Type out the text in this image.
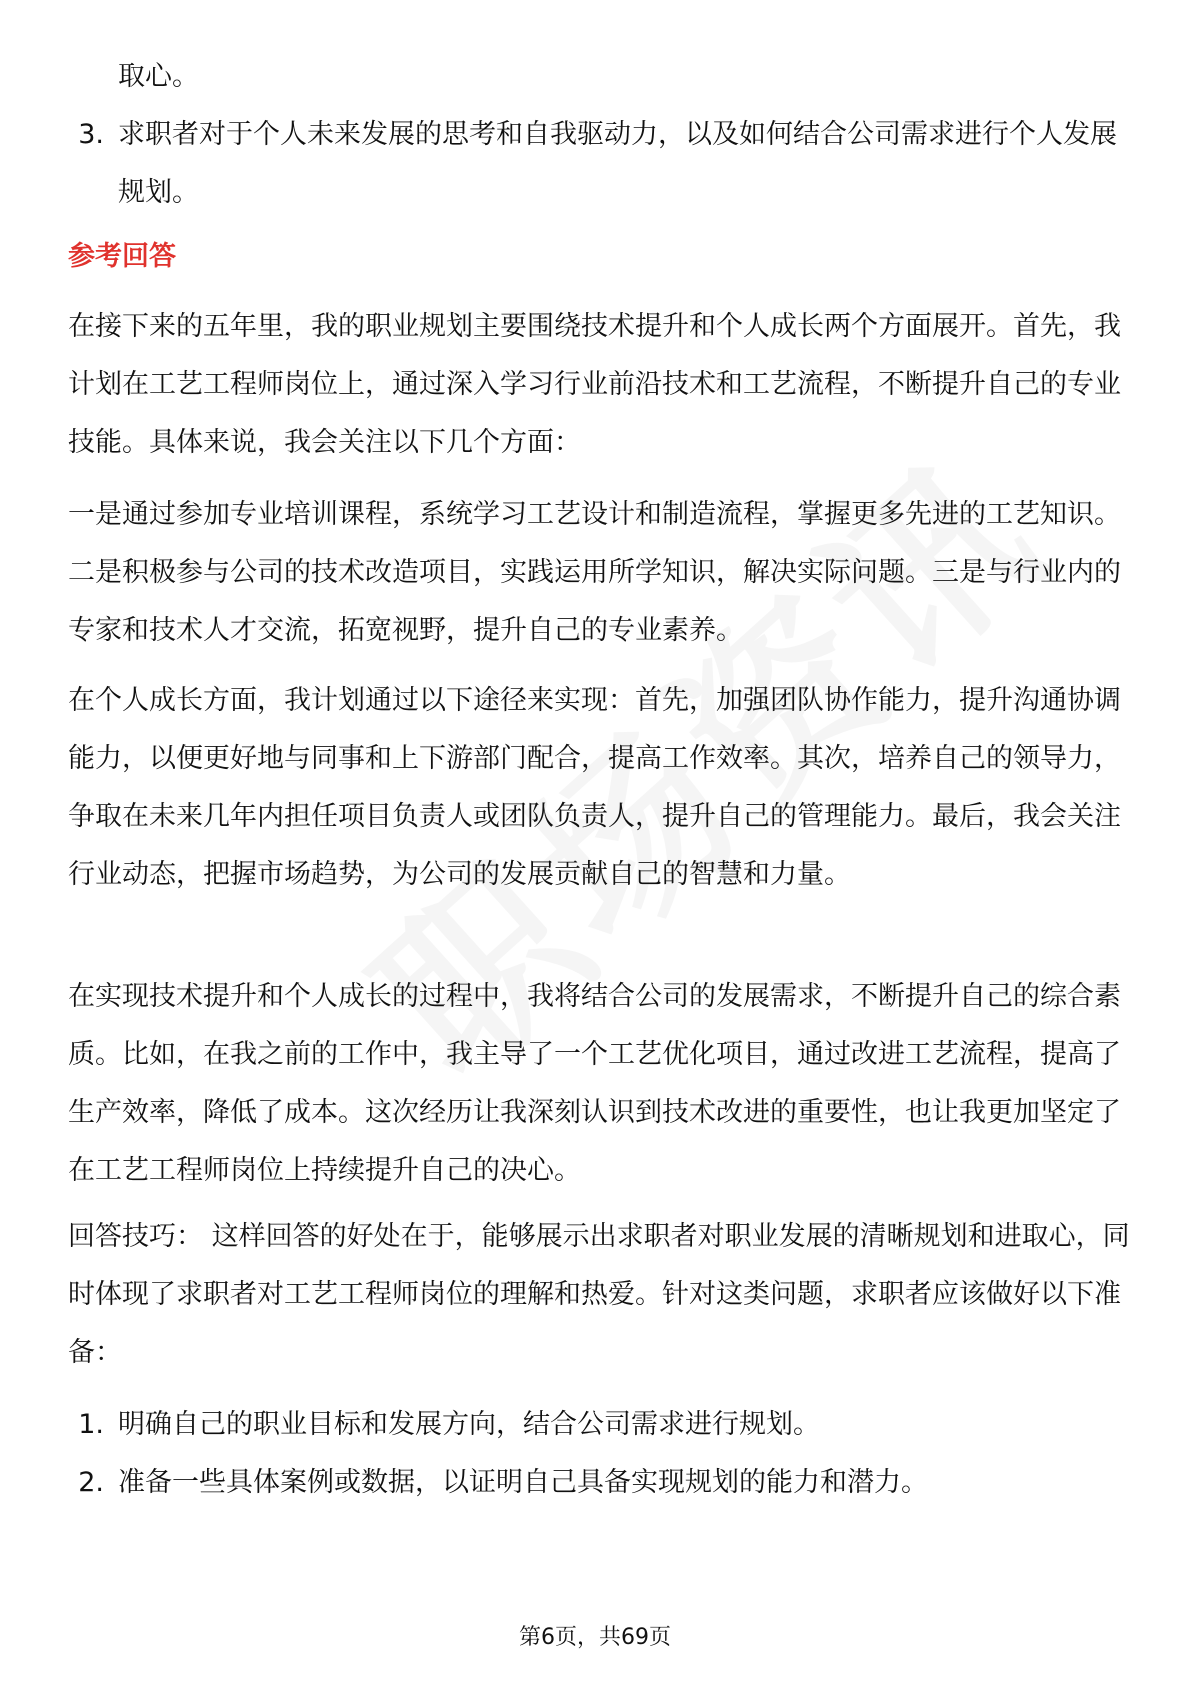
取心。
3. 求职者对于个人未来发展的思考和自我驱动力，以及如何结合公司需求进行个人发展规划。

参考回答

在接下来的五年里，我的职业规划主要围绕技术提升和个人成长两个方面展开。首先，我计划在工艺工程师岗位上，通过深入学习行业前沿技术和工艺流程，不断提升自己的专业技能。具体来说，我会关注以下几个方面：

一是通过参加专业培训课程，系统学习工艺设计和制造流程，掌握更多先进的工艺知识。二是积极参与公司的技术改造项目，实践运用所学知识，解决实际问题。三是与行业内的专家和技术人才交流，拓宽视野，提升自己的专业素养。

在个人成长方面，我计划通过以下途径来实现：首先，加强团队协作能力，提升沟通协调能力，以便更好地与同事和上下游部门配合，提高工作效率。其次，培养自己的领导力，争取在未来几年内担任项目负责人或团队负责人，提升自己的管理能力。最后，我会关注行业动态，把握市场趋势，为公司的发展贡献自己的智慧和力量。

在实现技术提升和个人成长的过程中，我将结合公司的发展需求，不断提升自己的综合素质。比如，在我之前的工作中，我主导了一个工艺优化项目，通过改进工艺流程，提高了生产效率，降低了成本。这次经历让我深刻认识到技术改进的重要性，也让我更加坚定了在工艺工程师岗位上持续提升自己的决心。

回答技巧： 这样回答的好处在于，能够展示出求职者对职业发展的清晰规划和进取心，同时体现了求职者对工艺工程师岗位的理解和热爱。针对这类问题，求职者应该做好以下准备：

1. 明确自己的职业目标和发展方向，结合公司需求进行规划。
2. 准备一些具体案例或数据，以证明自己具备实现规划的能力和潜力。
第6页，共69页
